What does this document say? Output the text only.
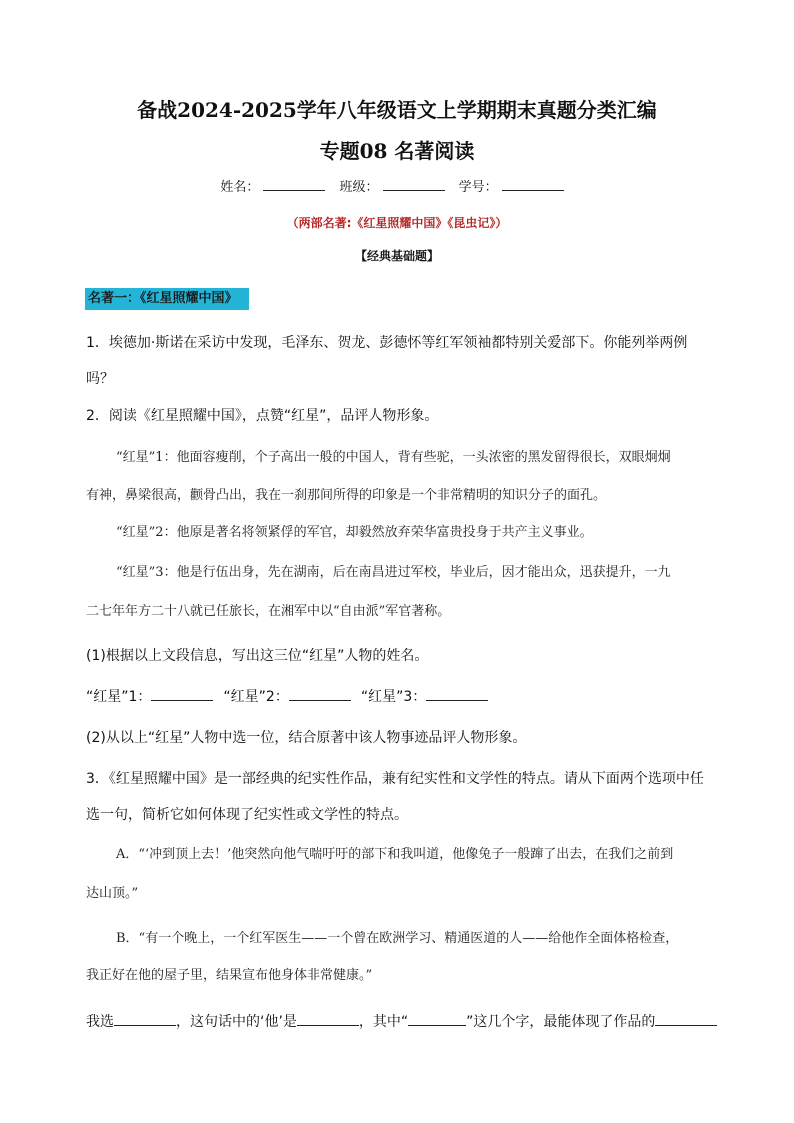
备战2024-2025学年八年级语文上学期期末真题分类汇编
专题08 名著阅读
姓名：	班级：	学号：
（两部名著:《红星照耀中国》《昆虫记》）
【经典基础题】
名著一：《红星照耀中国》
1．埃德加·斯诺在采访中发现，毛泽东、贺龙、彭德怀等红军领袖都特别关爱部下。你能列举两例
吗？
2．阅读《红星照耀中国》，点赞“红星”，品评人物形象。
“红星”1：他面容瘦削，个子高出一般的中国人，背有些驼，一头浓密的黑发留得很长，双眼炯炯
有神，鼻梁很高，颧骨凸出，我在一刹那间所得的印象是一个非常精明的知识分子的面孔。
“红星”2：他原是著名将领紧俘的军官，却毅然放弃荣华富贵投身于共产主义事业。
“红星”3：他是行伍出身，先在湖南，后在南昌进过军校，毕业后，因才能出众，迅获提升，一九
二七年年方二十八就已任旅长，在湘军中以“自由派”军官著称。
(1)根据以上文段信息，写出这三位“红星”人物的姓名。
“红星”1：	“红星”2：	“红星”3：
(2)从以上“红星”人物中选一位，结合原著中该人物事迹品评人物形象。
3．《红星照耀中国》是一部经典的纪实性作品，兼有纪实性和文学性的特点。请从下面两个选项中任
选一句，简析它如何体现了纪实性或文学性的特点。
A．“‘冲到顶上去！’他突然向他气喘吁吁的部下和我叫道，他像兔子一般蹿了出去，在我们之前到
达山顶。”
B．“有一个晚上，一个红军医生——一个曾在欧洲学习、精通医道的人——给他作全面体格检查，
我正好在他的屋子里，结果宣布他身体非常健康。”
我选	，这句话中的‘他’是	，其中“	”这几个字，最能体现了作品的
